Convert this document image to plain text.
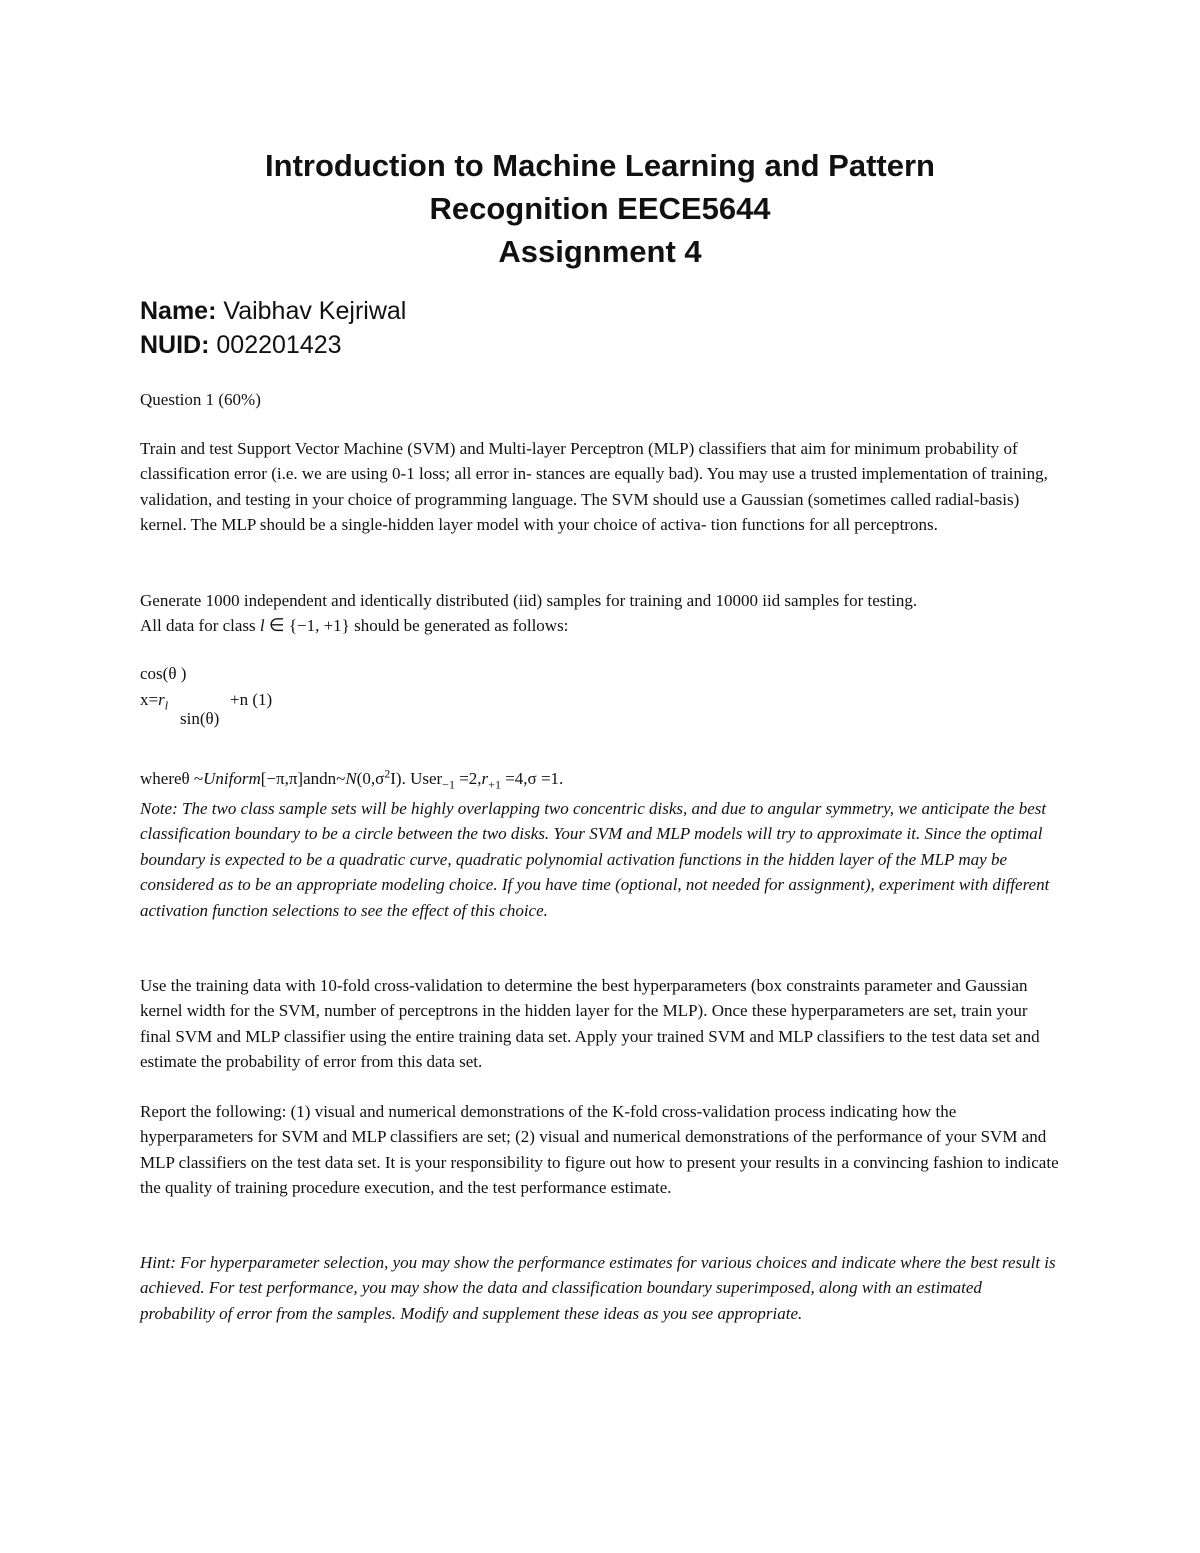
Introduction to Machine Learning and Pattern
Recognition EECE5644
Assignment 4
Name: Vaibhav Kejriwal
NUID: 002201423

Question 1 (60%)

Train and test Support Vector Machine (SVM) and Multi-layer Perceptron (MLP) classifiers that aim for minimum probability of classification error (i.e. we are using 0-1 loss; all error in- stances are equally bad). You may use a trusted implementation of training, validation, and testing in your choice of programming language. The SVM should use a Gaussian (sometimes called radial-basis) kernel. The MLP should be a single-hidden layer model with your choice of activa- tion functions for all perceptrons.

Generate 1000 independent and identically distributed (iid) samples for training and 10000 iid samples for testing.

All data for class l ∈ {−1, +1} should be generated as follows:

cos(θ )
$x=r_l$	+n (1)
sin(θ)

whereθ $\sim Uniform[-\pi,\pi]andn\sim N(0,\sigma^2I)$. User$_{-1}$ $=2,r_{+1} =4,\sigma =1$.

Note: The two class sample sets will be highly overlapping two concentric disks, and due to angular symmetry, we anticipate the best classification boundary to be a circle between the two disks. Your SVM and MLP models will try to approximate it. Since the optimal boundary is expected to be a quadratic curve, quadratic polynomial activation functions in the hidden layer of the MLP may be considered as to be an appropriate modeling choice. If you have time (optional, not needed for assignment), experiment with different activation function selections to see the effect of this choice.

Use the training data with 10-fold cross-validation to determine the best hyperparameters (box constraints parameter and Gaussian kernel width for the SVM, number of perceptrons in the hidden layer for the MLP). Once these hyperparameters are set, train your final SVM and MLP classifier using the entire training data set. Apply your trained SVM and MLP classifiers to the test data set and estimate the probability of error from this data set.

Report the following: (1) visual and numerical demonstrations of the K-fold cross-validation process indicating how the hyperparameters for SVM and MLP classifiers are set; (2) visual and numerical demonstrations of the performance of your SVM and MLP classifiers on the test data set. It is your responsibility to figure out how to present your results in a convincing fashion to indicate the quality of training procedure execution, and the test performance estimate.

Hint: For hyperparameter selection, you may show the performance estimates for various choices and indicate where the best result is achieved. For test performance, you may show the data and classification boundary superimposed, along with an estimated probability of error from the samples. Modify and supplement these ideas as you see appropriate.
